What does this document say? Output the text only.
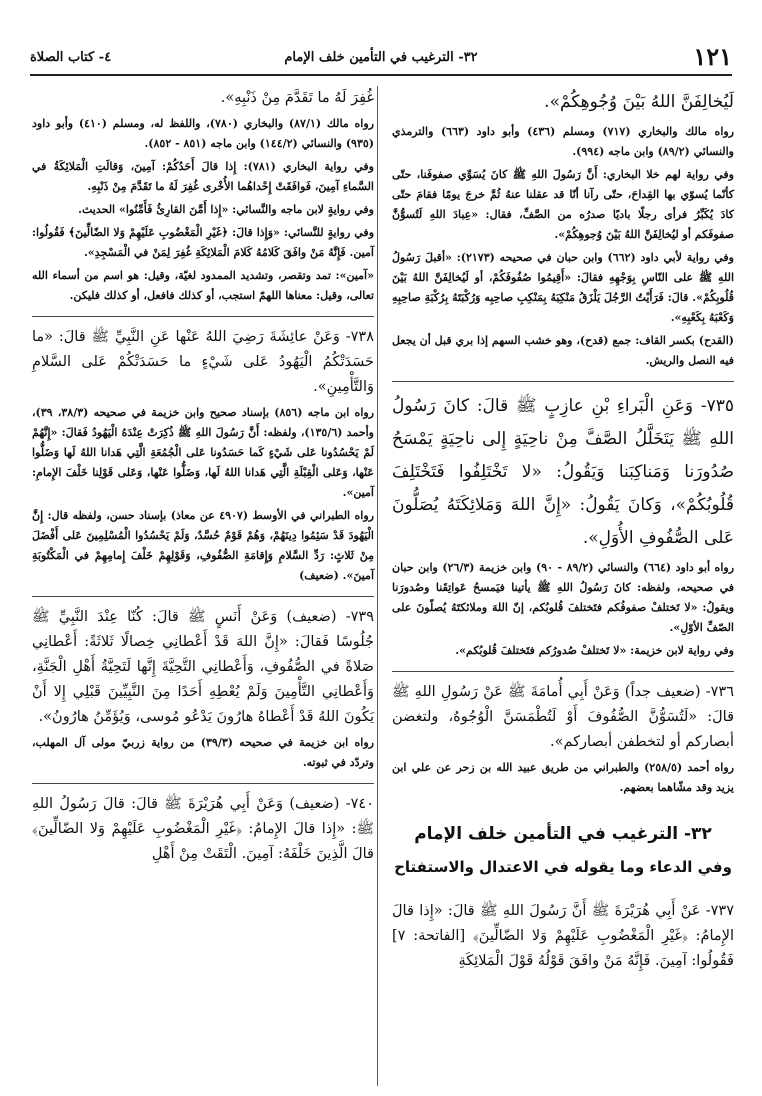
١٢١
٣٢- الترغيب في التأمين خلف الإمام
٤- كتاب الصلاة

لَيُخالِفَنَّ اللهُ بَيْنَ وُجُوهِكُمْ».

رواه مالك والبخاري (٧١٧) ومسلم (٤٣٦) وأبو داود (٦٦٣) والترمذي والنسائي (٨٩/٢) وابن ماجه (٩٩٤).

وفي رواية لهم خلا البخاري: أَنَّ رَسُولَ اللهِ ﷺ كانَ يُسَوِّي صفوفَنا، حتّى كأنّما يُسوّي بها القِداحَ، حتّى رآنا أنّا قد عقلنا عنهُ ثُمَّ خرجَ يومًا فقامَ حتّى كادَ يُكَبِّرُ فرأى رجلًا باديًا صدرُه من الصَّفِّ، فقال: «عِبادَ اللهِ لَتُسوُّنَّ صفوفَكم أو ليُخالِفَنَّ اللهُ بَيْنَ وُجوهِكُمْ».

وفي رواية لأبي داود (٦٦٢) وابن حبان في صحيحه (٢١٧٣): «أقبلَ رَسُولُ اللهِ ﷺ على النّاسِ بِوَجْهِهِ فقالَ: «أَقِيمُوا صُفُوفَكُمْ، أو لَيُخالِفَنَّ اللهُ بَيْنَ قُلُوبِكُمْ». قالَ: فَرَأَيْتُ الرَّجُلَ يَلْزَقُ مَنْكِبَهُ بِمَنْكِبِ صاحِبِه وَرُكْبَتَهُ بِرُكْبَةِ صاحِبِهِ وَكَعْبَهُ بِكَعْبِهِ».

(القدح) بكسر القاف: جمع (قدح)، وهو خشب السهم إذا بري قبل أن يجعل فيه النصل والريش.

٧٣٥- وَعَنِ الْبَراءِ بْنِ عازِبٍ ﷺ قالَ: كانَ رَسُولُ اللهِ ﷺ يَتَخَلَّلُ الصَّفَّ مِنْ ناحِيَةٍ إِلى ناحِيَةٍ يَمْسَحُ صُدُورَنا وَمَناكِبَنا وَيَقُولُ: «لا تَخْتَلِفُوا فَتَخْتَلِفَ قُلُوبُكُمْ»، وَكانَ يَقُولُ: «إِنَّ اللهَ وَمَلائِكَتَهُ يُصَلُّونَ عَلى الصُّفُوفِ الأُوَلِ».

رواه أبو داود (٦٦٤) والنسائي (٨٩/٢ - ٩٠) وابن خزيمة (٢٦/٣) وابن حبان في صحيحه، ولفظه: كانَ رَسُولُ اللهِ ﷺ يأتينا فيَمسحُ عَواتِقَنا وصُدورَنا ويقولُ: «لا تَختلفْ صفوفُكم فتَختلفَ قُلوبُكم، إنّ اللهَ وملائكتَهُ يُصلّونَ على الصّفِّ الأوّلِ».

وفي رواية لابن خزيمة: «لا تَختلفْ صُدورُكم فتَختلفَ قُلوبُكم».

٧٣٦- (ضعيف جداً) وَعَنْ أَبِي أُمامَةَ ﷺ عَنْ رَسُولِ اللهِ ﷺ قالَ: «لَتُسَوُّنَّ الصُّفُوفَ أَوْ لَتُطْمَسَنَّ الْوُجُوهُ، ولتغضن أبصاركم أو لتخطفن أبصاركم».

رواه أحمد (٢٥٨/٥) والطبراني من طريق عبيد الله بن زحر عن علي ابن يزيد وقد مشّاهما بعضهم.

٣٢- الترغيب في التأمين خلف الإمام

وفي الدعاء وما يقوله في الاعتدال والاستفتاح

٧٣٧- عَنْ أَبِي هُرَيْرَةَ ﷺ أَنَّ رَسُولَ اللهِ ﷺ قالَ: «إِذا قالَ الإِمامُ: ﴿غَيْرِ الْمَغْضُوبِ عَلَيْهِمْ وَلا الضّالِّينَ﴾ [الفاتحة: ٧] فَقُولُوا: آمِينَ. فَإِنَّهُ مَنْ وافَقَ قَوْلُهُ قَوْلَ الْمَلائِكَةِ

غُفِرَ لَهُ ما تَقَدَّمَ مِنْ ذَنْبِهِ».

رواه مالك (٨٧/١) والبخاري (٧٨٠)، واللفظ له، ومسلم (٤١٠) وأبو داود (٩٣٥) والنسائي (١٤٤/٢) وابن ماجه (٨٥١ - ٨٥٢).

وفي رواية البخاري (٧٨١): إِذا قالَ أَحَدُكُمْ: آمِينَ، وَقالَتِ الْمَلائِكَةُ في السَّماءِ آمِينَ، فَوافَقَتْ إِحْداهُما الأُخْرى غُفِرَ لَهُ ما تَقَدَّمَ مِنْ ذَنْبِهِ.

وفي روايةٍ لابن ماجه والنَّسائي: «إِذا أَمَّنَ القارِئُ فَأَمِّنُوا» الحديث.

وفي روايةٍ للنَّسائي: «وَإِذا قالَ: ﴿غَيْرِ الْمَغْضُوبِ عَلَيْهِمْ وَلا الضّالِّينَ﴾ فَقُولُوا: آمين. فَإِنَّهُ مَنْ وافَقَ كَلامُهُ كَلامَ الْمَلائِكَةِ غُفِرَ لِمَنْ في الْمَسْجِدِ».

«آمين»: تمد وتقصر، وتشديد الممدود لغيّة، وقيل: هو اسم من أسماء الله تعالى، وقيل: معناها اللهمّ استجب، أو كذلك فافعل، أو كذلك فليكن.

٧٣٨- وَعَنْ عائِشَةَ رَضِيَ اللهُ عَنْها عَنِ النَّبِيِّ ﷺ قالَ: «ما حَسَدَتْكُمُ الْيَهُودُ عَلى شَيْءٍ ما حَسَدَتْكُمْ عَلى السَّلامِ وَالتَّأْمِينِ».

رواه ابن ماجه (٨٥٦) بإسناد صحيح وابن خزيمة في صحيحه (٣٨/٣، ٣٩)، وأحمد (١٣٥/٦)، ولفظه: أَنَّ رَسُولَ اللهِ ﷺ ذُكِرَتْ عِنْدَهُ الْيَهُودُ فَقالَ: «إِنَّهُمْ لَمْ يَحْسُدُونا عَلى شَيْءٍ كَما حَسَدُونا عَلى الْجُمُعَةِ الَّتِي هَدانا اللهُ لَها وَضَلُّوا عَنْها، وَعَلى الْقِبْلَةِ الَّتِي هَدانا اللهُ لَها، وَضَلُّوا عَنْها، وَعَلى قَوْلِنا خَلْفَ الإِمامِ: آمين».

رواه الطبراني في الأوسط (٤٩٠٧ عن معاذ) بإسناد حسن، ولفظه قال: إِنَّ الْيَهُودَ قَدْ سَئِمُوا دِينَهُمْ، وَهُمْ قَوْمٌ حُسَّدٌ، وَلَمْ يَحْسُدُوا الْمُسْلِمِينَ عَلى أَفْضَلَ مِنْ ثَلاثٍ: رَدِّ السَّلامِ وَإِقامَةِ الصُّفُوفِ، وَقَوْلِهِمْ خَلْفَ إِمامِهِمْ في الْمَكْتُوبَةِ آمينَ». (ضعيف)

٧٣٩- (ضعيف) وَعَنْ أَنَسٍ ﷺ قالَ: كُنّا عِنْدَ النَّبِيِّ ﷺ جُلُوسًا فَقالَ: «إِنَّ اللهَ قَدْ أَعْطانِي خِصالًا ثَلاثَةً: أَعْطانِي صَلاةً في الصُّفُوفِ، وَأَعْطانِي التَّحِيَّةَ إِنَّها لَتَحِيَّةُ أَهْلِ الْجَنَّةِ، وَأَعْطانِي التَّأْمِينَ وَلَمْ يُعْطِهِ أَحَدًا مِنَ النَّبِيِّينَ قَبْلِي إِلا أَنْ يَكُونَ اللهُ قَدْ أَعْطاهُ هارُونَ يَدْعُو مُوسى، وَيُؤَمِّنُ هارُونُ».

رواه ابن خزيمة في صحيحه (٣٩/٣) من رواية زربيّ مولى آل المهلب، وتردّد في ثبوته.

٧٤٠- (ضعيف) وَعَنْ أَبِي هُرَيْرَةَ ﷺ قالَ: قالَ رَسُولُ اللهِ ﷺ: «إِذا قالَ الإِمامُ: ﴿غَيْرِ الْمَغْضُوبِ عَلَيْهِمْ وَلا الضّالِّينَ﴾ قالَ الَّذِينَ خَلْفَهُ: آمِينَ. الْتَقَتْ مِنْ أَهْلِ
